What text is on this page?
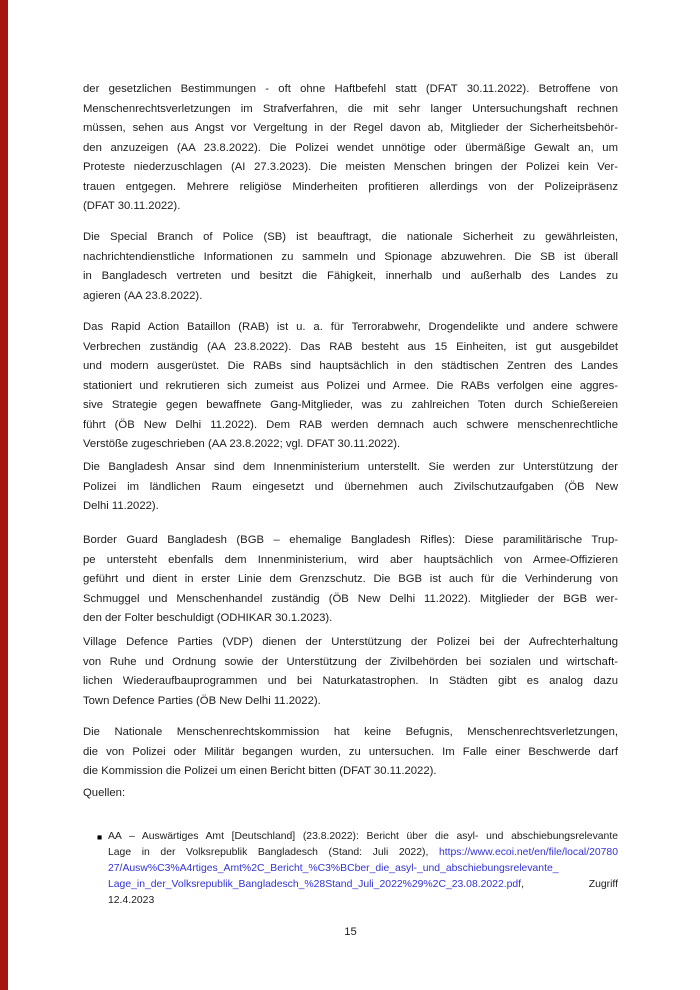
der gesetzlichen Bestimmungen - oft ohne Haftbefehl statt (DFAT 30.11.2022). Betroffene von
Menschenrechtsverletzungen im Strafverfahren, die mit sehr langer Untersuchungshaft rechnen
müssen, sehen aus Angst vor Vergeltung in der Regel davon ab, Mitglieder der Sicherheitsbehör-
den anzuzeigen (AA 23.8.2022). Die Polizei wendet unnötige oder übermäßige Gewalt an, um
Proteste niederzuschlagen (AI 27.3.2023). Die meisten Menschen bringen der Polizei kein Ver-
trauen entgegen. Mehrere religiöse Minderheiten profitieren allerdings von der Polizeipräsenz
(DFAT 30.11.2022).
Die Special Branch of Police (SB) ist beauftragt, die nationale Sicherheit zu gewährleisten,
nachrichtendienstliche Informationen zu sammeln und Spionage abzuwehren. Die SB ist überall
in Bangladesch vertreten und besitzt die Fähigkeit, innerhalb und außerhalb des Landes zu
agieren (AA 23.8.2022).
Das Rapid Action Bataillon (RAB) ist u. a. für Terrorabwehr, Drogendelikte und andere schwere
Verbrechen zuständig (AA 23.8.2022). Das RAB besteht aus 15 Einheiten, ist gut ausgebildet
und modern ausgerüstet. Die RABs sind hauptsächlich in den städtischen Zentren des Landes
stationiert und rekrutieren sich zumeist aus Polizei und Armee. Die RABs verfolgen eine aggres-
sive Strategie gegen bewaffnete Gang-Mitglieder, was zu zahlreichen Toten durch Schießereien
führt (ÖB New Delhi 11.2022). Dem RAB werden demnach auch schwere menschenrechtliche
Verstöße zugeschrieben (AA 23.8.2022; vgl. DFAT 30.11.2022).
Die Bangladesh Ansar sind dem Innenministerium unterstellt. Sie werden zur Unterstützung der
Polizei im ländlichen Raum eingesetzt und übernehmen auch Zivilschutzaufgaben (ÖB New
Delhi 11.2022).
Border Guard Bangladesh (BGB – ehemalige Bangladesh Rifles): Diese paramilitärische Trup-
pe untersteht ebenfalls dem Innenministerium, wird aber hauptsächlich von Armee-Offizieren
geführt und dient in erster Linie dem Grenzschutz. Die BGB ist auch für die Verhinderung von
Schmuggel und Menschenhandel zuständig (ÖB New Delhi 11.2022). Mitglieder der BGB wer-
den der Folter beschuldigt (ODHIKAR 30.1.2023).
Village Defence Parties (VDP) dienen der Unterstützung der Polizei bei der Aufrechterhaltung
von Ruhe und Ordnung sowie der Unterstützung der Zivilbehörden bei sozialen und wirtschaft-
lichen Wiederaufbauprogrammen und bei Naturkatastrophen. In Städten gibt es analog dazu
Town Defence Parties (ÖB New Delhi 11.2022).
Die Nationale Menschenrechtskommission hat keine Befugnis, Menschenrechtsverletzungen,
die von Polizei oder Militär begangen wurden, zu untersuchen. Im Falle einer Beschwerde darf
die Kommission die Polizei um einen Bericht bitten (DFAT 30.11.2022).
Quellen:
■ AA – Auswärtiges Amt [Deutschland] (23.8.2022): Bericht über die asyl- und abschiebungsrelevante
Lage in der Volksrepublik Bangladesch (Stand: Juli 2022), https://www.ecoi.net/en/file/local/20780
27/Ausw%C3%A4rtiges_Amt%2C_Bericht_%C3%BCber_die_asyl-_und_abschiebungsrelevante_
Lage_in_der_Volksrepublik_Bangladesch_%28Stand_Juli_2022%29%2C_23.08.2022.pdf, Zugriff
12.4.2023
15
